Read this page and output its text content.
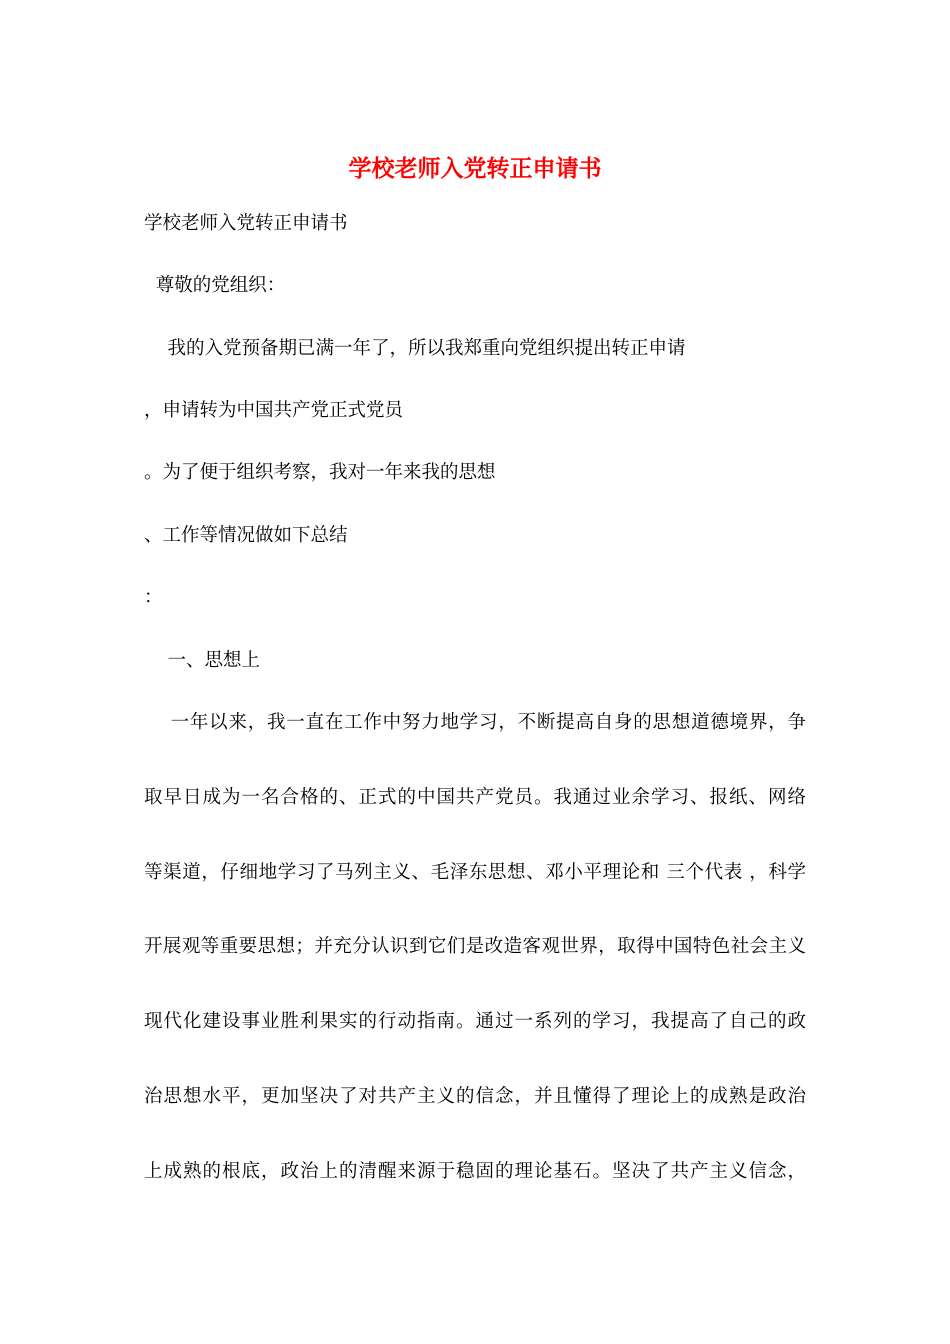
学校老师入党转正申请书
学校老师入党转正申请书
尊敬的党组织：
我的入党预备期已满一年了，所以我郑重向党组织提出转正申请
，申请转为中国共产党正式党员
。为了便于组织考察，我对一年来我的思想
、工作等情况做如下总结
：
一、思想上
一年以来，我一直在工作中努力地学习，不断提高自身的思想道德境界，争
取早日成为一名合格的、正式的中国共产党员。我通过业余学习、报纸、网络
等渠道，仔细地学习了马列主义、毛泽东思想、邓小平理论和 三个代表 ，科学
开展观等重要思想；并充分认识到它们是改造客观世界，取得中国特色社会主义
现代化建设事业胜利果实的行动指南。通过一系列的学习，我提高了自己的政
治思想水平，更加坚决了对共产主义的信念，并且懂得了理论上的成熟是政治
上成熟的根底，政治上的清醒来源于稳固的理论基石。坚决了共产主义信念，
